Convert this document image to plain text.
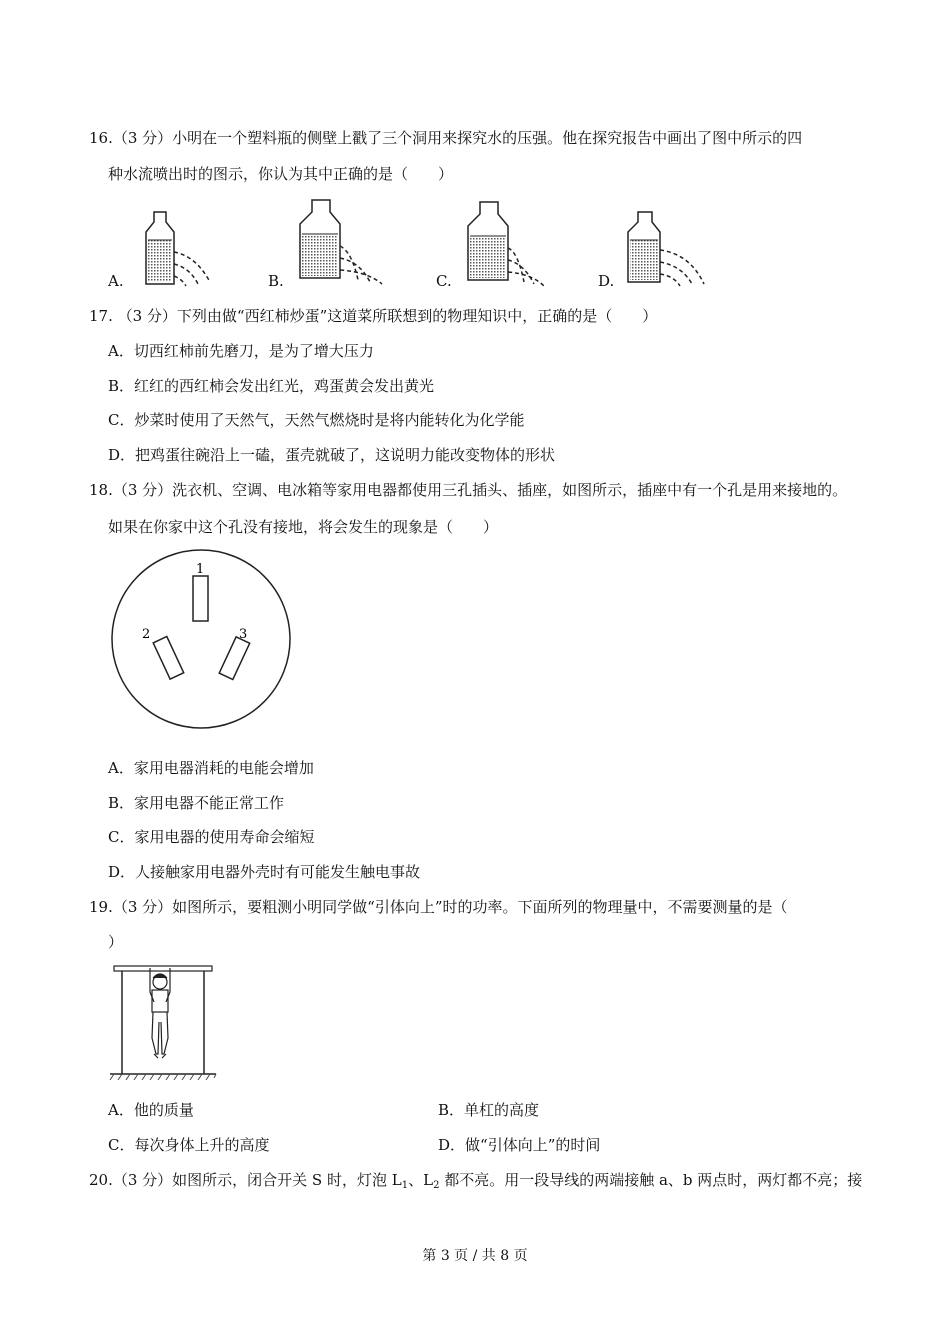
16.（3 分）小明在一个塑料瓶的侧壁上戳了三个洞用来探究水的压强。他在探究报告中画出了图中所示的四
种水流喷出时的图示，你认为其中正确的是（　　）
A.	B.	C.	D.
17. （3 分）下列由做“西红柿炒蛋”这道菜所联想到的物理知识中，正确的是（　　）
A．切西红柿前先磨刀，是为了增大压力
B．红红的西红柿会发出红光，鸡蛋黄会发出黄光
C．炒菜时使用了天然气，天然气燃烧时是将内能转化为化学能
D．把鸡蛋往碗沿上一磕，蛋壳就破了，这说明力能改变物体的形状
18.（3 分）洗衣机、空调、电冰箱等家用电器都使用三孔插头、插座，如图所示，插座中有一个孔是用来接地的。
如果在你家中这个孔没有接地，将会发生的现象是（　　）
1
2	3
A．家用电器消耗的电能会增加
B．家用电器不能正常工作
C．家用电器的使用寿命会缩短
D．人接触家用电器外壳时有可能发生触电事故
19.（3 分）如图所示，要粗测小明同学做“引体向上”时的功率。下面所列的物理量中，不需要测量的是（
）
A．他的质量	B．单杠的高度
C．每次身体上升的高度	D．做“引体向上”的时间
20.（3 分）如图所示，闭合开关 S 时，灯泡 $L_1$、$L_2$ 都不亮。用一段导线的两端接触 a、b 两点时，两灯都不亮；接
第 3 页 / 共 8 页
